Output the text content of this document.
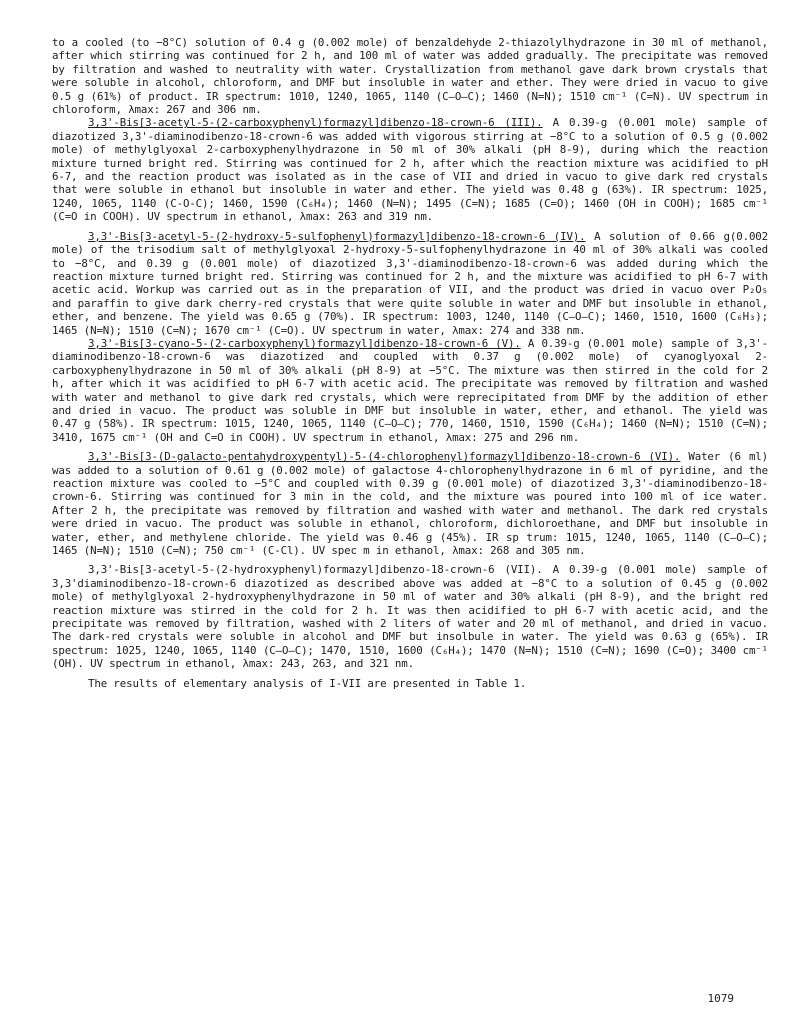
to a cooled (to −8°C) solution of 0.4 g (0.002 mole) of benzaldehyde 2-thiazolylhydrazone in 30 ml of methanol, after which stirring was continued for 2 h, and 100 ml of water was added gradually. The precipitate was removed by filtration and washed to neutrality with water. Crystallization from methanol gave dark brown crystals that were soluble in alcohol, chloroform, and DMF but insoluble in water and ether. They were dried in vacuo to give 0.5 g (61%) of product. IR spectrum: 1010, 1240, 1065, 1140 (C—O—C); 1460 (N=N); 1510 cm⁻¹ (C=N). UV spectrum in chloroform, λmax: 267 and 306 nm.

3,3'-Bis[3-acetyl-5-(2-carboxyphenyl)formazyl]dibenzo-18-crown-6 (III). A 0.39-g (0.001 mole) sample of diazotized 3,3'-diaminodibenzo-18-crown-6 was added with vigorous stirring at −8°C to a solution of 0.5 g (0.002 mole) of methylglyoxal 2-carboxyphenylhydrazone in 50 ml of 30% alkali (pH 8-9), during which the reaction mixture turned bright red. Stirring was continued for 2 h, after which the reaction mixture was acidified to pH 6-7, and the reaction product was isolated as in the case of VII and dried in vacuo to give dark red crystals that were soluble in ethanol but insoluble in water and ether. The yield was 0.48 g (63%). IR spectrum: 1025, 1240, 1065, 1140 (C-O-C); 1460, 1590 (C₆H₄); 1460 (N=N); 1495 (C=N); 1685 (C=O); 1460 (OH in COOH); 1685 cm⁻¹ (C=O in COOH). UV spectrum in ethanol, λmax: 263 and 319 nm.

3,3'-Bis[3-acetyl-5-(2-hydroxy-5-sulfophenyl)formazyl]dibenzo-18-crown-6 (IV). A solution of 0.66 g(0.002 mole) of the trisodium salt of methylglyoxal 2-hydroxy-5-sulfophenylhydrazone in 40 ml of 30% alkali was cooled to −8°C, and 0.39 g (0.001 mole) of diazotized 3,3'-diaminodibenzo-18-crown-6 was added during which the reaction mixture turned bright red. Stirring was continued for 2 h, and the mixture was acidified to pH 6-7 with acetic acid. Workup was carried out as in the preparation of VII, and the product was dried in vacuo over P₂O₅ and paraffin to give dark cherry-red crystals that were quite soluble in water and DMF but insoluble in ethanol, ether, and benzene. The yield was 0.65 g (70%). IR spectrum: 1003, 1240, 1140 (C—O—C); 1460, 1510, 1600 (C₆H₃); 1465 (N=N); 1510 (C=N); 1670 cm⁻¹ (C=O). UV spectrum in water, λmax: 274 and 338 nm.

3,3'-Bis[3-cyano-5-(2-carboxyphenyl)formazyl]dibenzo-18-crown-6 (V). A 0.39-g (0.001 mole) sample of 3,3'-diaminodibenzo-18-crown-6 was diazotized and coupled with 0.37 g (0.002 mole) of cyanoglyoxal 2-carboxyphenylhydrazone in 50 ml of 30% alkali (pH 8-9) at −5°C. The mixture was then stirred in the cold for 2 h, after which it was acidified to pH 6-7 with acetic acid. The precipitate was removed by filtration and washed with water and methanol to give dark red crystals, which were reprecipitated from DMF by the addition of ether and dried in vacuo. The product was soluble in DMF but insoluble in water, ether, and ethanol. The yield was 0.47 g (58%). IR spectrum: 1015, 1240, 1065, 1140 (C—O—C); 770, 1460, 1510, 1590 (C₆H₄); 1460 (N=N); 1510 (C=N); 3410, 1675 cm⁻¹ (OH and C=O in COOH). UV spectrum in ethanol, λmax: 275 and 296 nm.

3,3'-Bis[3-(D-galacto-pentahydroxypentyl)-5-(4-chlorophenyl)formazyl]dibenzo-18-crown-6 (VI). Water (6 ml) was added to a solution of 0.61 g (0.002 mole) of galactose 4-chlorophenylhydrazone in 6 ml of pyridine, and the reaction mixture was cooled to −5°C and coupled with 0.39 g (0.001 mole) of diazotized 3,3'-diaminodibenzo-18-crown-6. Stirring was continued for 3 min in the cold, and the mixture was poured into 100 ml of ice water. After 2 h, the precipitate was removed by filtration and washed with water and methanol. The dark red crystals were dried in vacuo. The product was soluble in ethanol, chloroform, dichloroethane, and DMF but insoluble in water, ether, and methylene chloride. The yield was 0.46 g (45%). IR sp trum: 1015, 1240, 1065, 1140 (C—O—C); 1465 (N=N); 1510 (C=N); 750 cm⁻¹ (C-Cl). UV spec m in ethanol, λmax: 268 and 305 nm.

3,3'-Bis[3-acetyl-5-(2-hydroxyphenyl)formazyl]dibenzo-18-crown-6 (VII). A 0.39-g (0.001 mole) sample of 3,3'diaminodibenzo-18-crown-6 diazotized as described above was added at −8°C to a solution of 0.45 g (0.002 mole) of methylglyoxal 2-hydroxyphenylhydrazone in 50 ml of water and 30% alkali (pH 8-9), and the bright red reaction mixture was stirred in the cold for 2 h. It was then acidified to pH 6-7 with acetic acid, and the precipitate was removed by filtration, washed with 2 liters of water and 20 ml of methanol, and dried in vacuo. The dark-red crystals were soluble in alcohol and DMF but insolbule in water. The yield was 0.63 g (65%). IR spectrum: 1025, 1240, 1065, 1140 (C—O—C); 1470, 1510, 1600 (C₆H₄); 1470 (N=N); 1510 (C=N); 1690 (C=O); 3400 cm⁻¹ (OH). UV spectrum in ethanol, λmax: 243, 263, and 321 nm.

The results of elementary analysis of I-VII are presented in Table 1.

1079
